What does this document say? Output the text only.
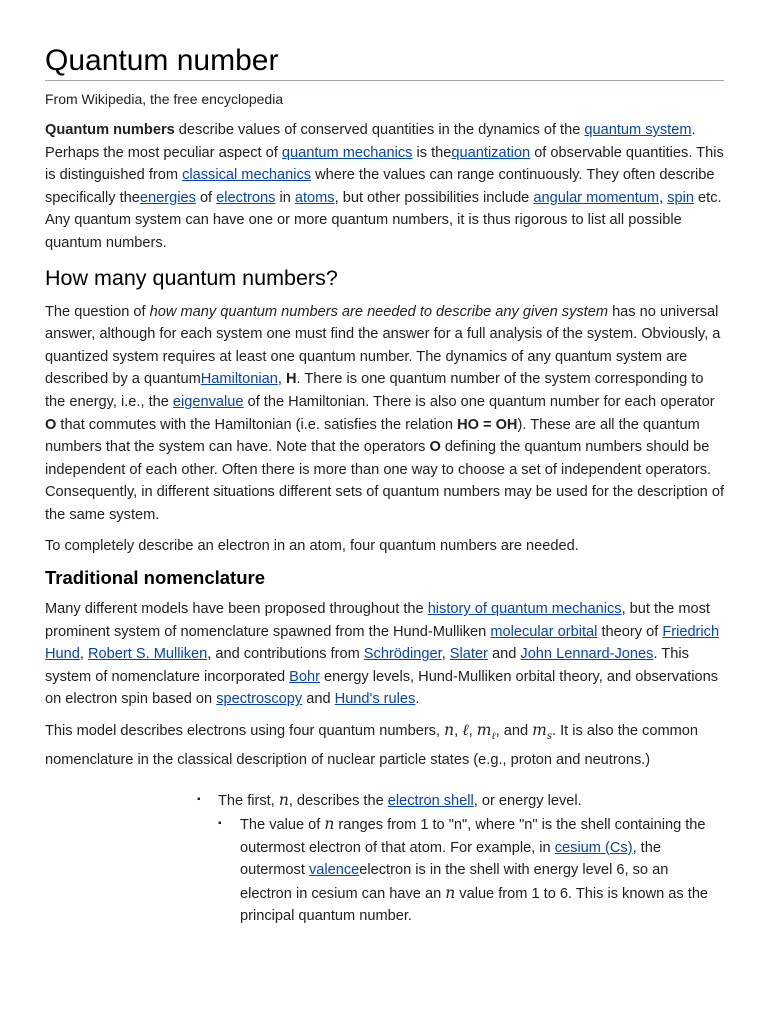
Quantum number
From Wikipedia, the free encyclopedia

Quantum numbers describe values of conserved quantities in the dynamics of the quantum system. Perhaps the most peculiar aspect of quantum mechanics is thequantization of observable quantities. This is distinguished from classical mechanics where the values can range continuously. They often describe specifically theenergies of electrons in atoms, but other possibilities include angular momentum, spin etc. Any quantum system can have one or more quantum numbers, it is thus rigorous to list all possible quantum numbers.

How many quantum numbers?

The question of how many quantum numbers are needed to describe any given system has no universal answer, although for each system one must find the answer for a full analysis of the system. Obviously, a quantized system requires at least one quantum number. The dynamics of any quantum system are described by a quantumHamiltonian, H. There is one quantum number of the system corresponding to the energy, i.e., the eigenvalue of the Hamiltonian. There is also one quantum number for each operator O that commutes with the Hamiltonian (i.e. satisfies the relation HO = OH). These are all the quantum numbers that the system can have. Note that the operators O defining the quantum numbers should be independent of each other. Often there is more than one way to choose a set of independent operators. Consequently, in different situations different sets of quantum numbers may be used for the description of the same system.

To completely describe an electron in an atom, four quantum numbers are needed.

Traditional nomenclature

Many different models have been proposed throughout the history of quantum mechanics, but the most prominent system of nomenclature spawned from the Hund-Mulliken molecular orbital theory of Friedrich Hund, Robert S. Mulliken, and contributions from Schrödinger, Slater and John Lennard-Jones. This system of nomenclature incorporated Bohr energy levels, Hund-Mulliken orbital theory, and observations on electron spin based on spectroscopy and Hund's rules.

This model describes electrons using four quantum numbers, n, ℓ, $m_\ell$, and $m_s$. It is also the common nomenclature in the classical description of nuclear particle states (e.g., proton and neutrons.)

▪ The first, n, describes the electron shell, or energy level.
▪ The value of n ranges from 1 to "n", where "n" is the shell containing the outermost electron of that atom. For example, in cesium (Cs), the outermost valenceelectron is in the shell with energy level 6, so an electron in cesium can have an n value from 1 to 6. This is known as the principal quantum number.
